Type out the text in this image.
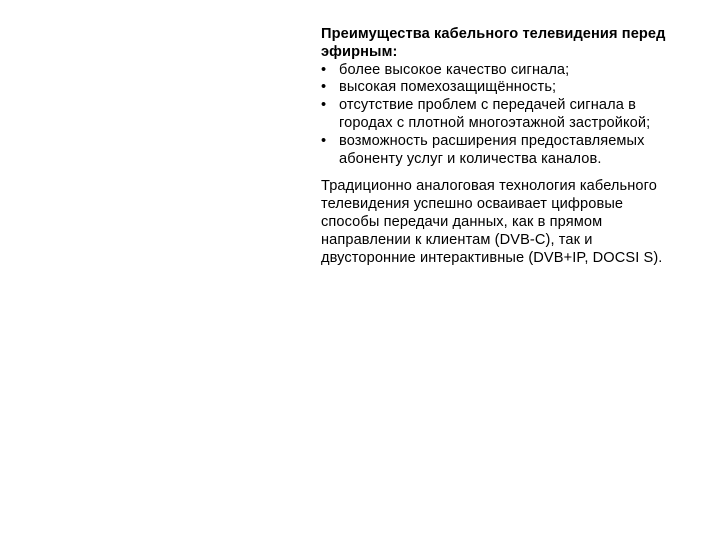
Преимущества кабельного телевидения перед эфирным:

• более высокое качество сигнала;
• высокая помехозащищённость;
• отсутствие проблем с передачей сигнала в городах с плотной многоэтажной застройкой;
• возможность расширения предоставляемых абоненту услуг и количества каналов.

Традиционно аналоговая технология кабельного телевидения успешно осваивает цифровые способы передачи данных, как в прямом направлении к клиентам (DVB-C), так и двусторонние интерактивные (DVB+IP, DOCSI S).
